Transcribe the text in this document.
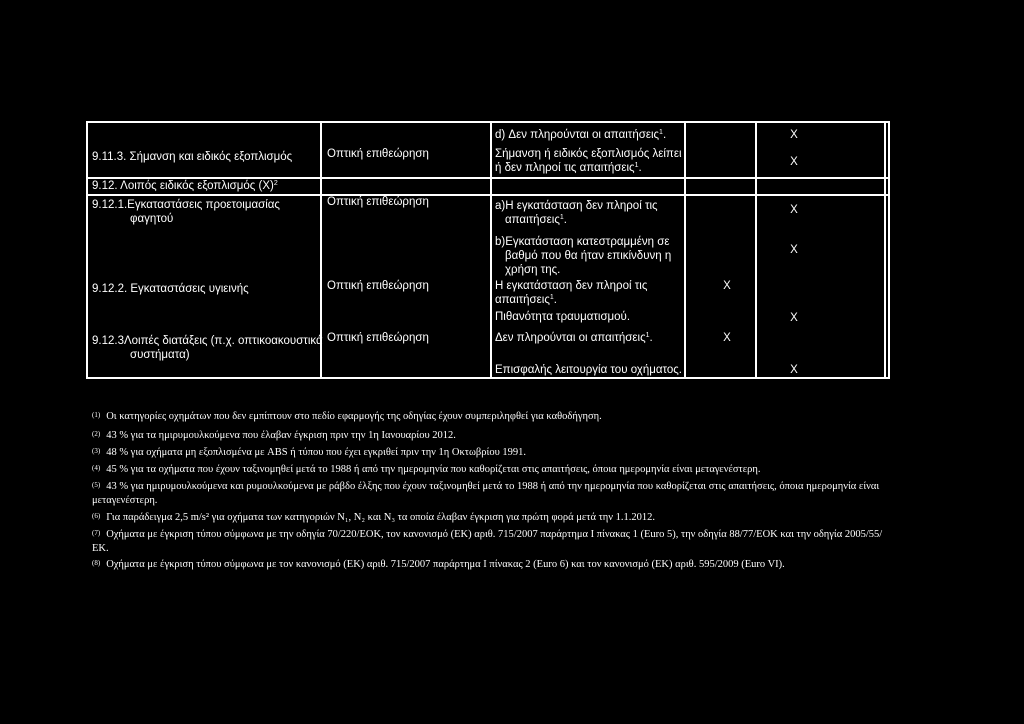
9.11.3. Σήμανση και ειδικός εξοπλισμός	Οπτική επιθεώρηση
9.12. Λοιπός ειδικός εξοπλισμός $(X)^2$
9.12.1.Εγκαταστάσεις προετοιμασίας
φαγητού
Οπτική επιθεώρηση
9.12.2. Εγκαταστάσεις υγιεινής	Οπτική επιθεώρηση
9.12.3Λοιπές διατάξεις (π.χ. οπτικοακουστικά
συστήματα)
Οπτική επιθεώρηση
d) Δεν πληρούνται οι απαιτήσεις$^1$.
Σήμανση ή ειδικός εξοπλισμός λείπει
ή δεν πληροί τις απαιτήσεις$^1$.
a)Η εγκατάσταση δεν πληροί τις
απαιτήσεις$^1$.
b)Εγκατάσταση κατεστραμμένη σε
βαθμό που θα ήταν επικίνδυνη η
χρήση της.
Η εγκατάσταση δεν πληροί τις
απαιτήσεις$^1$.
Πιθανότητα τραυματισμού.
Δεν πληρούνται οι απαιτήσεις$^1$.
Επισφαλής λειτουργία του οχήματος.
X
X
X
X
X
X
X
X
$^{(1)}$ Οι κατηγορίες οχημάτων που δεν εμπίπτουν στο πεδίο εφαρμογής της οδηγίας έχουν συμπεριληφθεί για καθοδήγηση.
$^{(2)}$ 43 % για τα ημιρυμουλκούμενα που έλαβαν έγκριση πριν την 1η Ιανουαρίου 2012.
$^{(3)}$ 48 % για οχήματα μη εξοπλισμένα με ABS ή τύπου που έχει εγκριθεί πριν την 1η Οκτωβρίου 1991.
$^{(4)}$ 45 % για τα οχήματα που έχουν ταξινομηθεί μετά το 1988 ή από την ημερομηνία που καθορίζεται στις απαιτήσεις, όποια ημερομηνία είναι μεταγενέστερη.
$^{(5)}$ 43 % για ημιρυμουλκούμενα και ρυμουλκούμενα με ράβδο έλξης που έχουν ταξινομηθεί μετά το 1988 ή από την ημερομηνία που καθορίζεται στις απαιτήσεις, όποια ημερομηνία είναι μεταγενέστερη.
$^{(6)}$ Για παράδειγμα 2,5 m/s² για οχήματα των κατηγοριών N₁, N₂ και N₃ τα οποία έλαβαν έγκριση για πρώτη φορά μετά την 1.1.2012.
$^{(7)}$ Οχήματα με έγκριση τύπου σύμφωνα με την οδηγία 70/220/ΕΟΚ, τον κανονισμό (ΕΚ) αριθ. 715/2007 παράρτημα I πίνακας 1 (Euro 5), την οδηγία 88/77/ΕΟΚ και την οδηγία 2005/55/ΕΚ.
$^{(8)}$ Οχήματα με έγκριση τύπου σύμφωνα με τον κανονισμό (ΕΚ) αριθ. 715/2007 παράρτημα I πίνακας 2 (Euro 6) και τον κανονισμό (ΕΚ) αριθ. 595/2009 (Euro VI).
